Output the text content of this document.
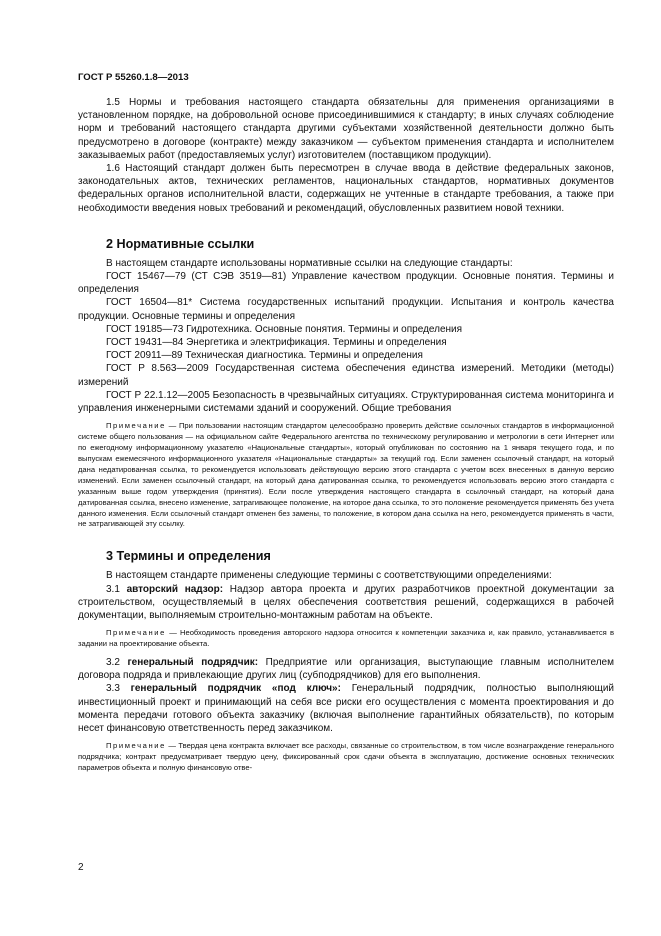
ГОСТ Р 55260.1.8—2013

1.5 Нормы и требования настоящего стандарта обязательны для применения организациями в установленном порядке, на добровольной основе присоединившимися к стандарту; в иных случаях соблюдение норм и требований настоящего стандарта другими субъектами хозяйственной деятельности должно быть предусмотрено в договоре (контракте) между заказчиком — субъектом применения стандарта и исполнителем заказываемых работ (предоставляемых услуг) изготовителем (поставщиком продукции).

1.6 Настоящий стандарт должен быть пересмотрен в случае ввода в действие федеральных законов, законодательных актов, технических регламентов, национальных стандартов, нормативных документов федеральных органов исполнительной власти, содержащих не учтенные в стандарте требования, а также при необходимости введения новых требований и рекомендаций, обусловленных развитием новой техники.

2 Нормативные ссылки

В настоящем стандарте использованы нормативные ссылки на следующие стандарты:

ГОСТ 15467—79 (СТ СЭВ 3519—81) Управление качеством продукции. Основные понятия. Термины и определения

ГОСТ 16504—81* Система государственных испытаний продукции. Испытания и контроль качества продукции. Основные термины и определения

ГОСТ 19185—73 Гидротехника. Основные понятия. Термины и определения

ГОСТ 19431—84 Энергетика и электрификация. Термины и определения

ГОСТ 20911—89 Техническая диагностика. Термины и определения

ГОСТ Р 8.563—2009 Государственная система обеспечения единства измерений. Методики (методы) измерений

ГОСТ Р 22.1.12—2005 Безопасность в чрезвычайных ситуациях. Структурированная система мониторинга и управления инженерными системами зданий и сооружений. Общие требования

Примечание — При пользовании настоящим стандартом целесообразно проверить действие ссылочных стандартов в информационной системе общего пользования — на официальном сайте Федерального агентства по техническому регулированию и метрологии в сети Интернет или по ежегодному информационному указателю «Национальные стандарты», который опубликован по состоянию на 1 января текущего года, и по выпускам ежемесячного информационного указателя «Национальные стандарты» за текущий год. Если заменен ссылочный стандарт, на который дана недатированная ссылка, то рекомендуется использовать действующую версию этого стандарта с учетом всех внесенных в данную версию изменений. Если заменен ссылочный стандарт, на который дана датированная ссылка, то рекомендуется использовать версию этого стандарта с указанным выше годом утверждения (принятия). Если после утверждения настоящего стандарта в ссылочный стандарт, на который дана датированная ссылка, внесено изменение, затрагивающее положение, на которое дана ссылка, то это положение рекомендуется применять без учета данного изменения. Если ссылочный стандарт отменен без замены, то положение, в котором дана ссылка на него, рекомендуется применять в части, не затрагивающей эту ссылку.

3 Термины и определения

В настоящем стандарте применены следующие термины с соответствующими определениями:

3.1 авторский надзор: Надзор автора проекта и других разработчиков проектной документации за строительством, осуществляемый в целях обеспечения соответствия решений, содержащихся в рабочей документации, выполняемым строительно-монтажным работам на объекте.

Примечание — Необходимость проведения авторского надзора относится к компетенции заказчика и, как правило, устанавливается в задании на проектирование объекта.

3.2 генеральный подрядчик: Предприятие или организация, выступающие главным исполнителем договора подряда и привлекающие других лиц (субподрядчиков) для его выполнения.

3.3 генеральный подрядчик «под ключ»: Генеральный подрядчик, полностью выполняющий инвестиционный проект и принимающий на себя все риски его осуществления с момента проектирования и до момента передачи готового объекта заказчику (включая выполнение гарантийных обязательств), по которым несет финансовую ответственность перед заказчиком.

Примечание — Твердая цена контракта включает все расходы, связанные со строительством, в том числе вознаграждение генерального подрядчика; контракт предусматривает твердую цену, фиксированный срок сдачи объекта в эксплуатацию, достижение основных технических параметров объекта и полную финансовую отве-

2
